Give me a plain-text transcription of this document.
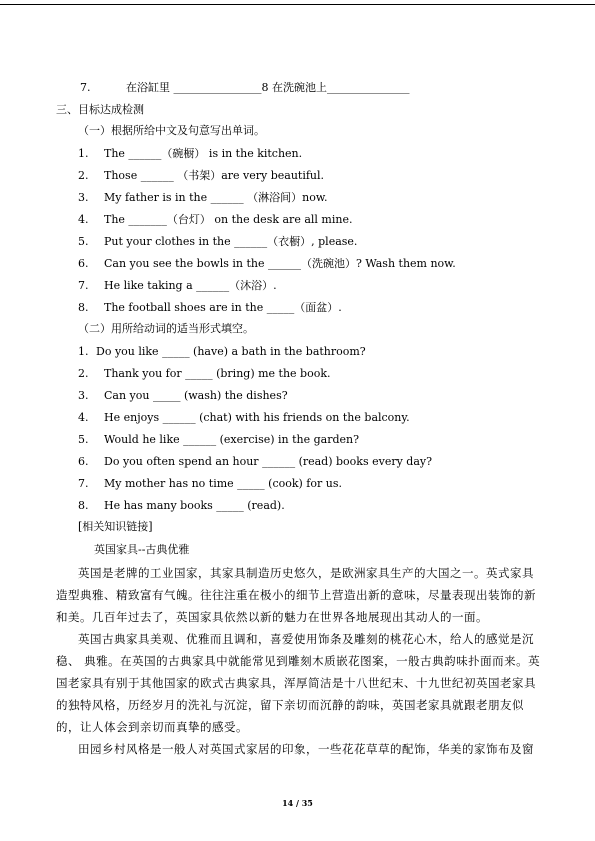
7.	在浴缸里 ________________8 在洗碗池上_______________
三、目标达成检测
（一）根据所给中文及句意写出单词。
1. The ______（碗橱） is in the kitchen.
2. Those ______ （书架）are very beautiful.
3. My father is in the ______ （淋浴间）now.
4. The _______（台灯） on the desk are all mine.
5. Put your clothes in the ______（衣橱）, please.
6. Can you see the bowls in the ______（洗碗池）? Wash them now.
7. He like taking a ______（沐浴）.
8. The football shoes are in the _____（面盆）.
（二）用所给动词的适当形式填空。
1. Do you like _____ (have) a bath in the bathroom?
2. Thank you for _____ (bring) me the book.
3. Can you _____ (wash) the dishes?
4. He enjoys ______ (chat) with his friends on the balcony.
5. Would he like ______ (exercise) in the garden?
6. Do you often spend an hour ______ (read) books every day?
7. My mother has no time _____ (cook) for us.
8. He has many books _____ (read).
[相关知识链接]
英国家具--古典优雅
英国是老牌的工业国家，其家具制造历史悠久，是欧洲家具生产的大国之一。英式家具
造型典雅、精致富有气魄。往往注重在极小的细节上营造出新的意味，尽量表现出装饰的新
和美。几百年过去了，英国家具依然以新的魅力在世界各地展现出其动人的一面。
英国古典家具美观、优雅而且调和，喜爱使用饰条及雕刻的桃花心木，给人的感觉是沉
稳、 典雅。在英国的古典家具中就能常见到雕刻木质嵌花图案，一般古典韵味扑面而来。英
国老家具有别于其他国家的欧式古典家具，浑厚简洁是十八世纪末、十九世纪初英国老家具
的独特风格，历经岁月的洗礼与沉淀，留下亲切而沉静的韵味，英国老家具就跟老朋友似
的，让人体会到亲切而真挚的感受。
田园乡村风格是一般人对英国式家居的印象，一些花花草草的配饰，华美的家饰布及窗
14 / 35
